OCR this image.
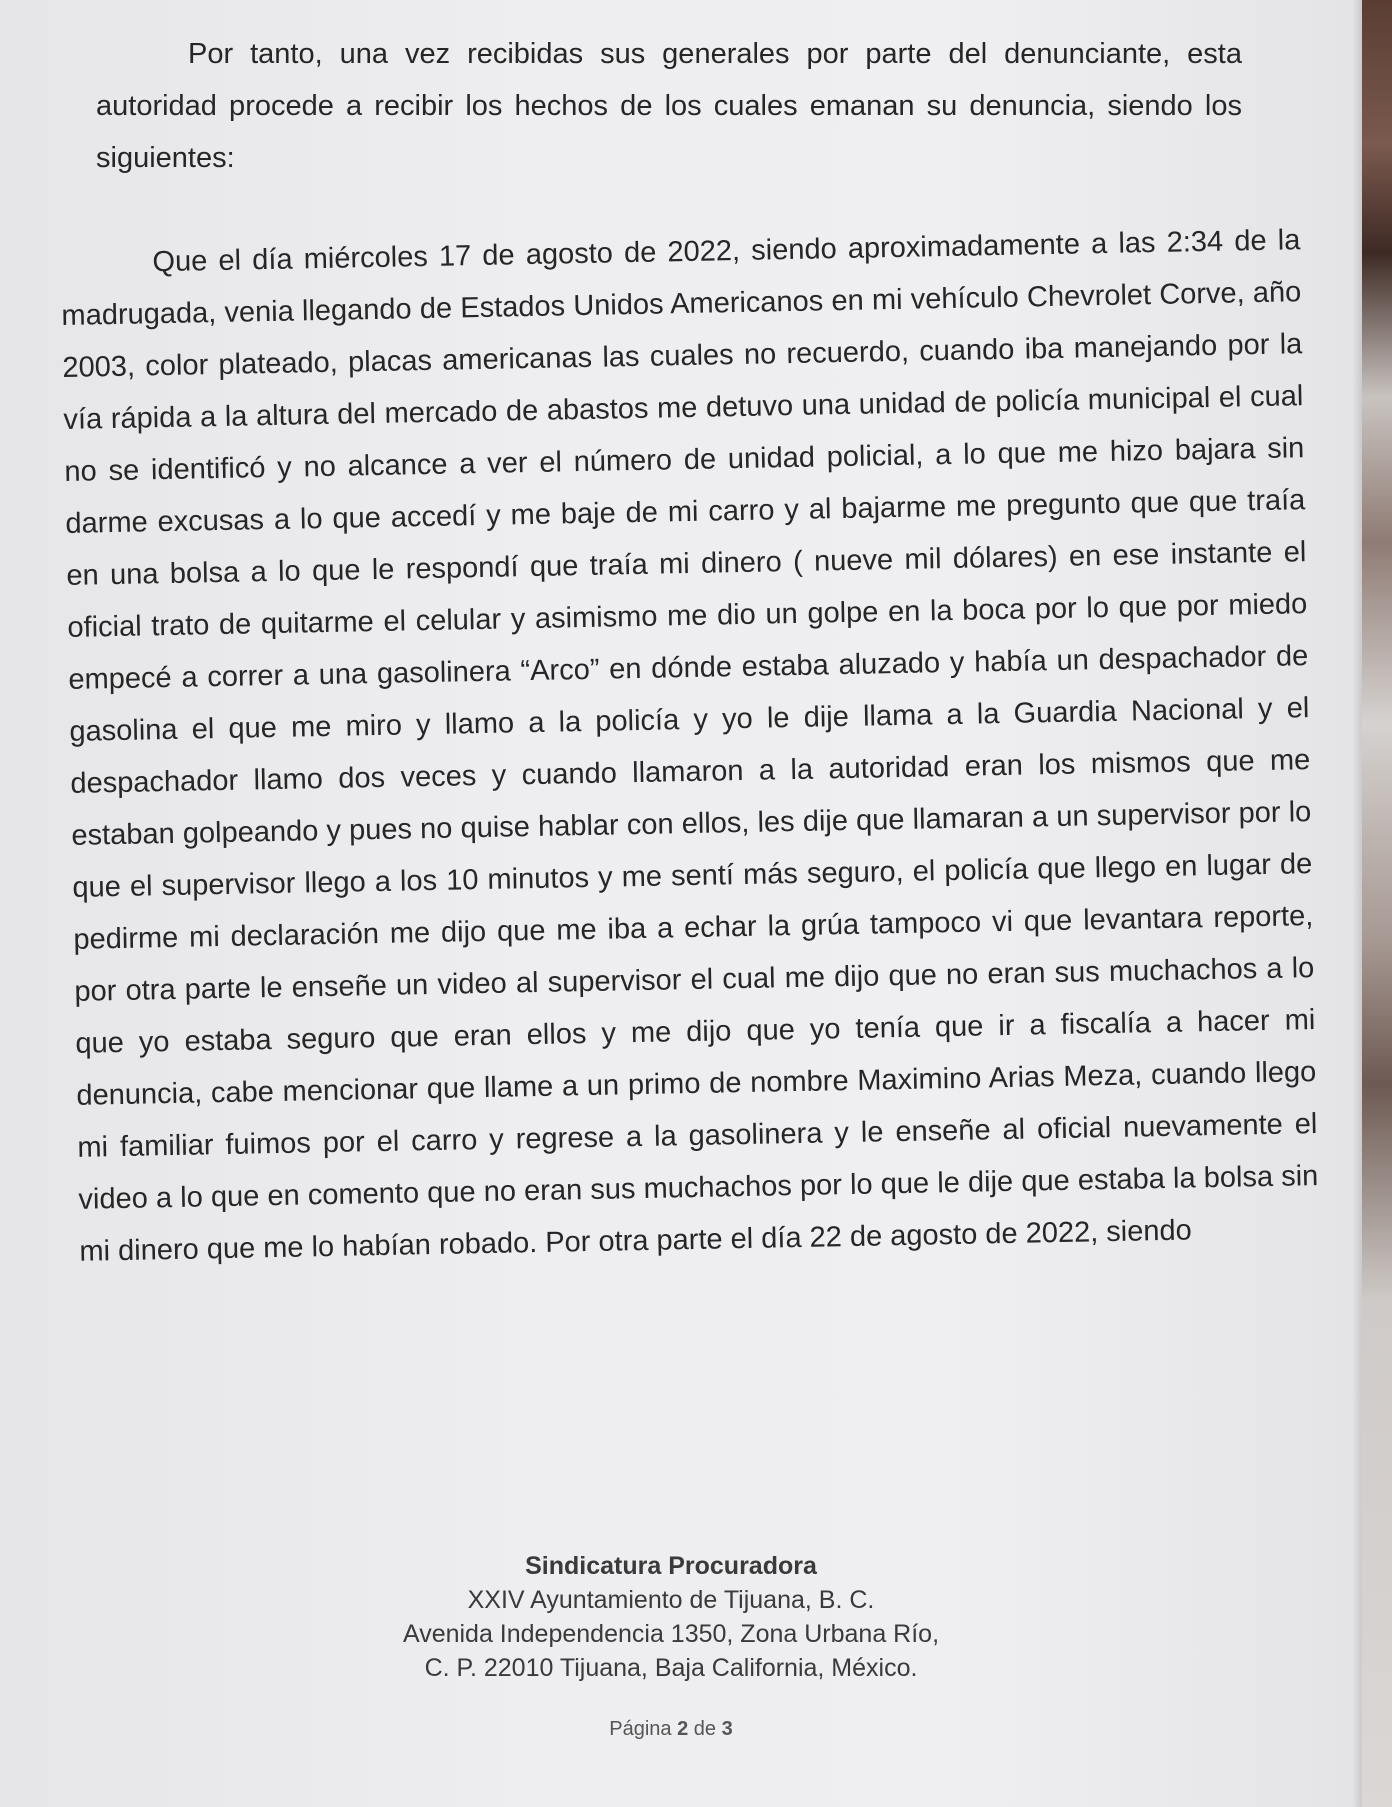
Por tanto, una vez recibidas sus generales por parte del denunciante, esta autoridad procede a recibir los hechos de los cuales emanan su denuncia, siendo los siguientes:
Que el día miércoles 17 de agosto de 2022, siendo aproximadamente a las 2:34 de la madrugada, venia llegando de Estados Unidos Americanos en mi vehículo Chevrolet Corve, año 2003, color plateado, placas americanas las cuales no recuerdo, cuando iba manejando por la vía rápida a la altura del mercado de abastos me detuvo una unidad de policía municipal el cual no se identificó y no alcance a ver el número de unidad policial, a lo que me hizo bajara sin darme excusas a lo que accedí y me baje de mi carro y al bajarme me pregunto que que traía en una bolsa a lo que le respondí que traía mi dinero ( nueve mil dólares) en ese instante el oficial trato de quitarme el celular y asimismo me dio un golpe en la boca por lo que por miedo empecé a correr a una gasolinera “Arco” en dónde estaba aluzado y había un despachador de gasolina el que me miro y llamo a la policía y yo le dije llama a la Guardia Nacional y el despachador llamo dos veces y cuando llamaron a la autoridad eran los mismos que me estaban golpeando y pues no quise hablar con ellos, les dije que llamaran a un supervisor por lo que el supervisor llego a los 10 minutos y me sentí más seguro, el policía que llego en lugar de pedirme mi declaración me dijo que me iba a echar la grúa tampoco vi que levantara reporte, por otra parte le enseñe un video al supervisor el cual me dijo que no eran sus muchachos a lo que yo estaba seguro que eran ellos y me dijo que yo tenía que ir a fiscalía a hacer mi denuncia, cabe mencionar que llame a un primo de nombre Maximino Arias Meza, cuando llego mi familiar fuimos por el carro y regrese a la gasolinera y le enseñe al oficial nuevamente el video a lo que en comento que no eran sus muchachos por lo que le dije que estaba la bolsa sin mi dinero que me lo habían robado. Por otra parte el día 22 de agosto de 2022, siendo
Sindicatura Procuradora
XXIV Ayuntamiento de Tijuana, B. C.
Avenida Independencia 1350, Zona Urbana Río,
C. P. 22010 Tijuana, Baja California, México.
Página 2 de 3
